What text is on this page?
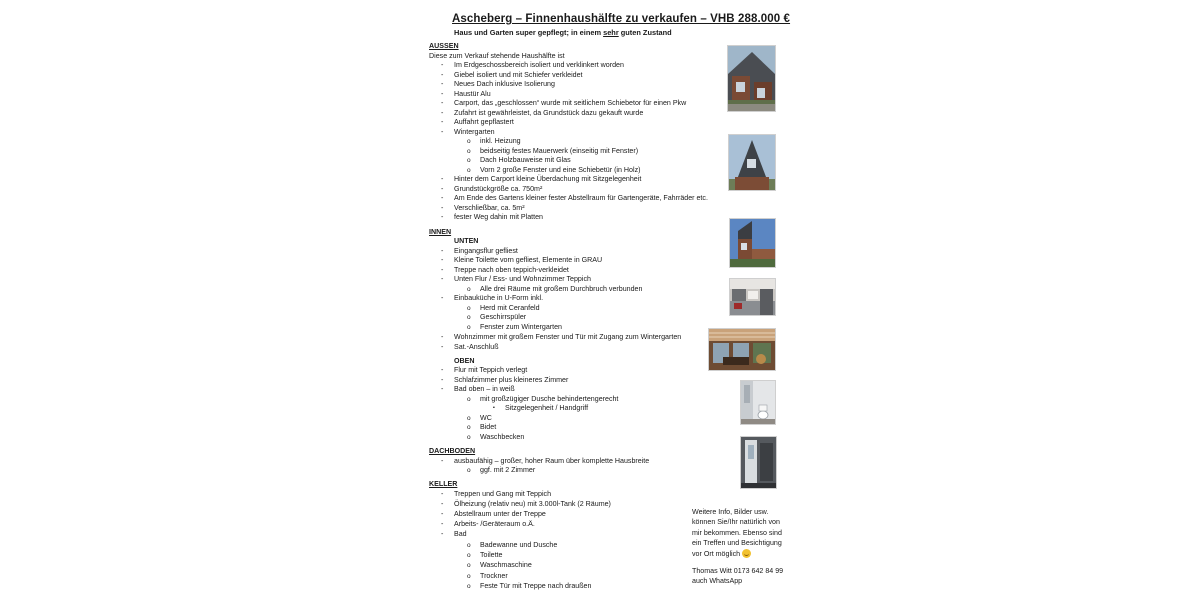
Ascheberg – Finnenhaushälfte zu verkaufen – VHB 288.000 €
Haus und Garten super gepflegt; in einem sehr guten Zustand
AUSSEN
Diese zum Verkauf stehende Haushälfte ist
- Im Erdgeschossbereich isoliert und verklinkert worden
- Giebel isoliert und mit Schiefer verkleidet
- Neues Dach inklusive Isolierung
- Haustür Alu
- Carport, das „geschlossen“ wurde mit seitlichem Schiebetor für einen Pkw
- Zufahrt ist gewährleistet, da Grundstück dazu gekauft wurde
- Auffahrt gepflastert
- Wintergarten
o inkl. Heizung
o beidseitig festes Mauerwerk (einseitig mit Fenster)
o Dach Holzbauweise mit Glas
o Vorn 2 große Fenster und eine Schiebetür (in Holz)
- Hinter dem Carport kleine Überdachung mit Sitzgelegenheit
- Grundstückgröße ca. 750m²
- Am Ende des Gartens kleiner fester Abstellraum für Gartengeräte, Fahrräder etc.
- Verschließbar, ca. 5m²
- fester Weg dahin mit Platten
INNEN
UNTEN
- Eingangsflur gefliest
- Kleine Toilette vorn gefliest, Elemente in GRAU
- Treppe nach oben teppich-verkleidet
- Unten Flur / Ess- und Wohnzimmer Teppich
o Alle drei Räume mit großem Durchbruch verbunden
- Einbauküche in U-Form inkl.
o Herd mit Ceranfeld
o Geschirrspüler
o Fenster zum Wintergarten
- Wohnzimmer mit großem Fenster und Tür mit Zugang zum Wintergarten
- Sat.-Anschluß
OBEN
- Flur mit Teppich verlegt
- Schlafzimmer plus kleineres Zimmer
- Bad oben – in weiß
o mit großzügiger Dusche behindertengerecht
▪ Sitzgelegenheit / Handgriff
o WC
o Bidet
o Waschbecken
DACHBODEN
- ausbaufähig – großer, hoher Raum über komplette Hausbreite
o ggf. mit 2 Zimmer
KELLER
- Treppen und Gang mit Teppich
- Ölheizung (relativ neu) mit 3.000l-Tank (2 Räume)
- Abstellraum unter der Treppe
- Arbeits- /Geräteraum o.Ä.
- Bad
o Badewanne und Dusche
o Toilette
o Waschmaschine
o Trockner
o Feste Tür mit Treppe nach draußen
Weitere Info, Bilder usw.
können Sie/Ihr natürlich von
mir bekommen. Ebenso sind
ein Treffen und Besichtigung
vor Ort möglich
Thomas Witt 0173 642 84 99
auch WhatsApp
